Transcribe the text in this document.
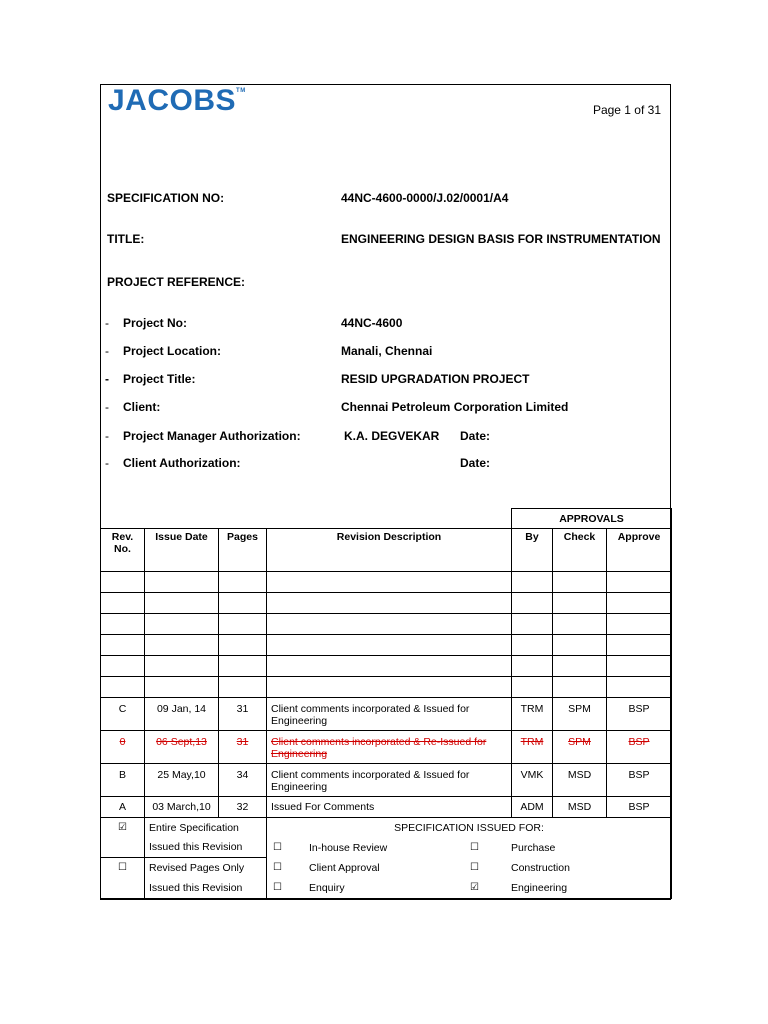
JACOBS™
Page 1 of 31
SPECIFICATION NO:	44NC-4600-0000/J.02/0001/A4
TITLE:	ENGINEERING DESIGN BASIS FOR INSTRUMENTATION
PROJECT REFERENCE:
- Project No:	44NC-4600
- Project Location:	Manali, Chennai
- Project Title:	RESID UPGRADATION PROJECT
- Client:	Chennai Petroleum Corporation Limited
- Project Manager Authorization:	K.A. DEGVEKAR Date:
- Client Authorization:	Date:
				APPROVALS		
Rev. No.	Issue Date	Pages	Revision Description	By	Check	Approve

C	09 Jan, 14	31	Client comments incorporated & Issued for Engineering	TRM	SPM	BSP
0	06 Sept,13	31	Client comments incorporated & Re-Issued for Engineering	TRM	SPM	BSP
B	25 May,10	34	Client comments incorporated & Issued for Engineering	VMK	MSD	BSP
A	03 March,10	32	Issued For Comments	ADM	MSD	BSP
☑	Entire Specification		SPECIFICATION ISSUED FOR:			
	Issued this Revision		☐ In-house Review ☐ Purchase			

☐	Revised Pages Only		☐ Client Approval ☐ Construction			

	Issued this Revision		☐ Enquiry ☑ Engineering			
